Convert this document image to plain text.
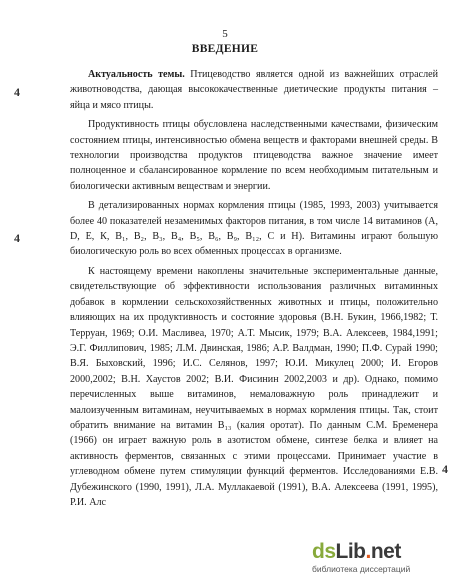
5
ВВЕДЕНИЕ
4
4
4

Актуальность темы. Птицеводство является одной из важнейших отраслей животноводства, дающая высококачественные диетические продукты питания – яйца и мясо птицы.

Продуктивность птицы обусловлена наследственными качествами, физическим состоянием птицы, интенсивностью обмена веществ и факторами внешней среды. В технологии производства продуктов птицеводства важное значение имеет полноценное и сбалансированное кормление по всем необходимым питательным и биологически активным веществам и энергии.

В детализированных нормах кормления птицы (1985, 1993, 2003) учитывается более 40 показателей незаменимых факторов питания, в том числе 14 витаминов (А, D, Е, К, В₁, В₂, В₃, В₄, В₅, В₆, В₉, В₁₂, С и Н). Витамины играют большую биологическую роль во всех обменных процессах в организме.

К настоящему времени накоплены значительные экспериментальные данные, свидетельствующие об эффективности использования различных витаминных добавок в кормлении сельскохозяйственных животных и птицы, положительно влияющих на их продуктивность и состояние здоровья (В.Н. Букин, 1966,1982; Т. Терруан, 1969; О.И. Масливеа, 1970; А.Т. Мысик, 1979; В.А. Алексеев, 1984,1991; Э.Г. Филлипович, 1985; Л.М. Двинская, 1986; А.Р. Валдман, 1990; П.Ф. Сурай 1990; В.Я. Быховский, 1996; И.С. Селянов, 1997; Ю.И. Микулец 2000; И. Егоров 2000,2002; В.Н. Хаустов 2002; В.И. Фисинин 2002,2003 и др). Однако, помимо перечисленных выше витаминов, немаловажную роль принадлежит и малоизученным витаминам, неучитываемых в нормах кормления птицы. Так, стоит обратить внимание на витамин В₁₃ (калия оротат). По данным С.М. Бременера (1966) он играет важную роль в азотистом обмене, синтезе белка и влияет на активность ферментов, связанных с этими процессами. Принимает участие в углеводном обмене путем стимуляции функций ферментов. Исследованиями Е.В. Дубежинского (1990, 1991), Л.А. Муллакаевой (1991), В.А. Алексеева (1991, 1995), Р.И. Алс

dsLib.net
библиотека диссертаций
